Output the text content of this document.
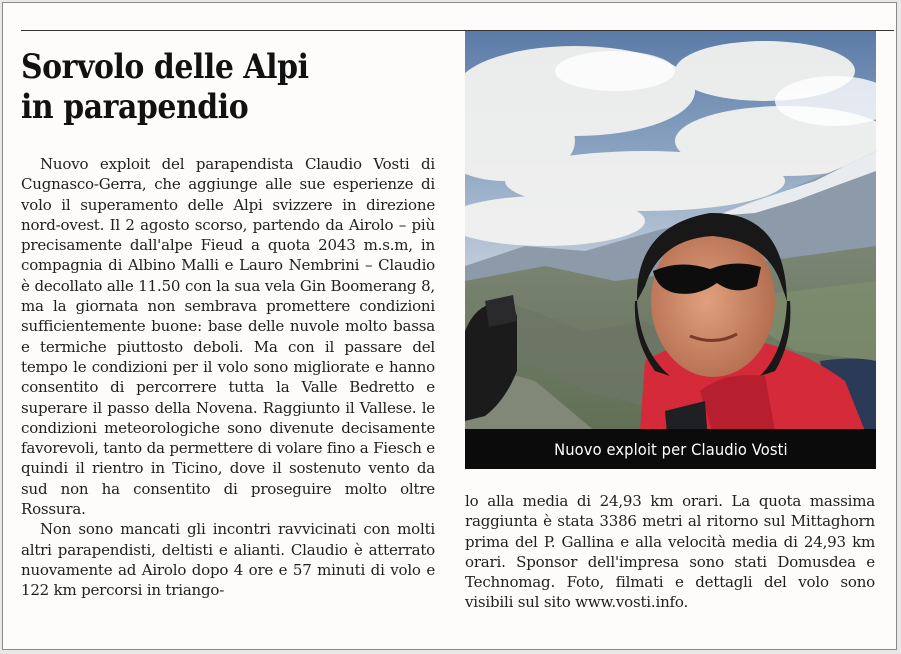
Sorvolo delle Alpi
in parapendio

Nuovo exploit del parapendista Claudio Vosti di Cugnasco-Gerra, che aggiunge alle sue esperienze di volo il superamento delle Alpi svizzere in direzione nord-ovest. Il 2 agosto scorso, partendo da Airolo – più precisamente dall'alpe Fieud a quota 2043 m.s.m, in compagnia di Albino Malli e Lauro Nembrini – Claudio è decollato alle 11.50 con la sua vela Gin Boomerang 8, ma la giornata non sembrava promettere condizioni sufficientemente buone: base delle nuvole molto bassa e termiche piuttosto deboli. Ma con il passare del tempo le condizioni per il volo sono migliorate e hanno consentito di percorrere tutta la Valle Bedretto e superare il passo della Novena. Raggiunto il Vallese. le condizioni meteorologiche sono divenute decisamente favorevoli, tanto da permettere di volare fino a Fiesch e quindi il rientro in Ticino, dove il sostenuto vento da sud non ha consentito di proseguire molto oltre Rossura.

Non sono mancati gli incontri ravvicinati con molti altri parapendisti, deltisti e alianti. Claudio è atterrato nuovamente ad Airolo dopo 4 ore e 57 minuti di volo e 122 km percorsi in triango-

Nuovo exploit per Claudio Vosti

lo alla media di 24,93 km orari. La quota massima raggiunta è stata 3386 metri al ritorno sul Mittaghorn prima del P. Gallina e alla velocità media di 24,93 km orari. Sponsor dell'impresa sono stati Domusdea e Technomag. Foto, filmati e dettagli del volo sono visibili sul sito www.vosti.info.
